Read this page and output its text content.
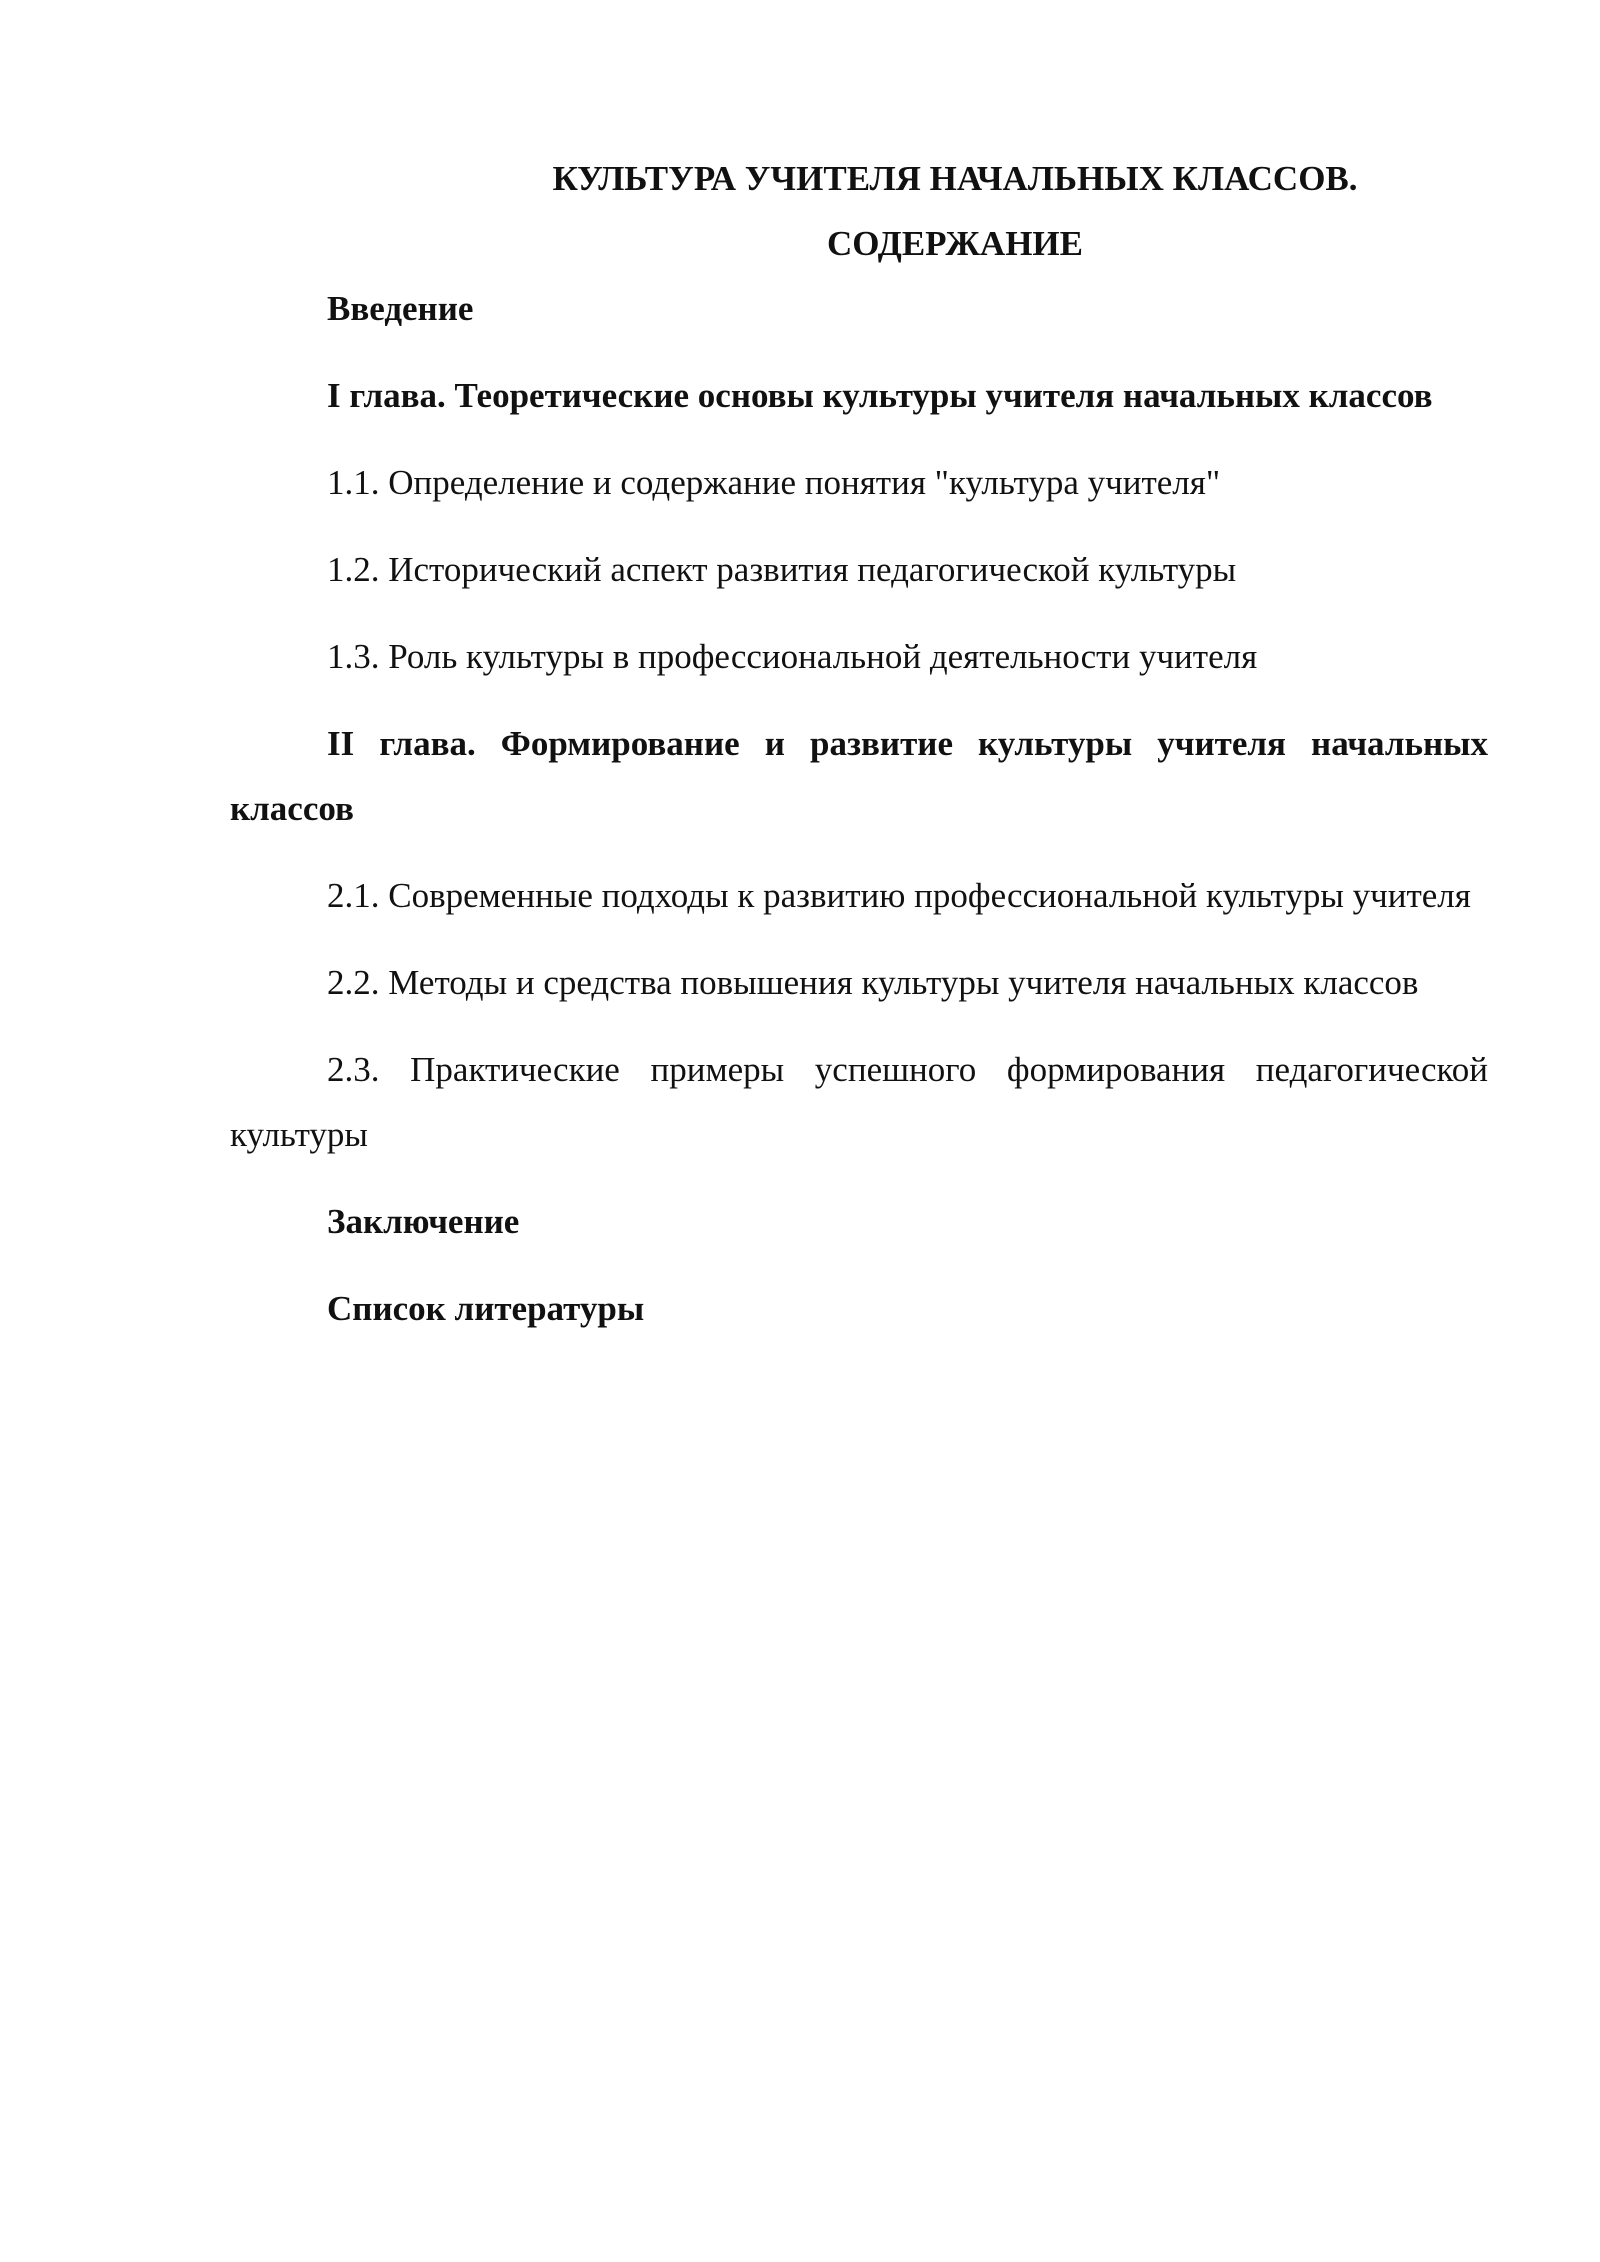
КУЛЬТУРА УЧИТЕЛЯ НАЧАЛЬНЫХ КЛАССОВ.

СОДЕРЖАНИЕ

Введение

I глава. Теоретические основы культуры учителя начальных классов

1.1. Определение и содержание понятия "культура учителя"

1.2. Исторический аспект развития педагогической культуры

1.3. Роль культуры в профессиональной деятельности учителя

II глава. Формирование и развитие культуры учителя начальных классов

2.1. Современные подходы к развитию профессиональной культуры учителя

2.2. Методы и средства повышения культуры учителя начальных классов

2.3. Практические примеры успешного формирования педагогической культуры

Заключение

Список литературы
